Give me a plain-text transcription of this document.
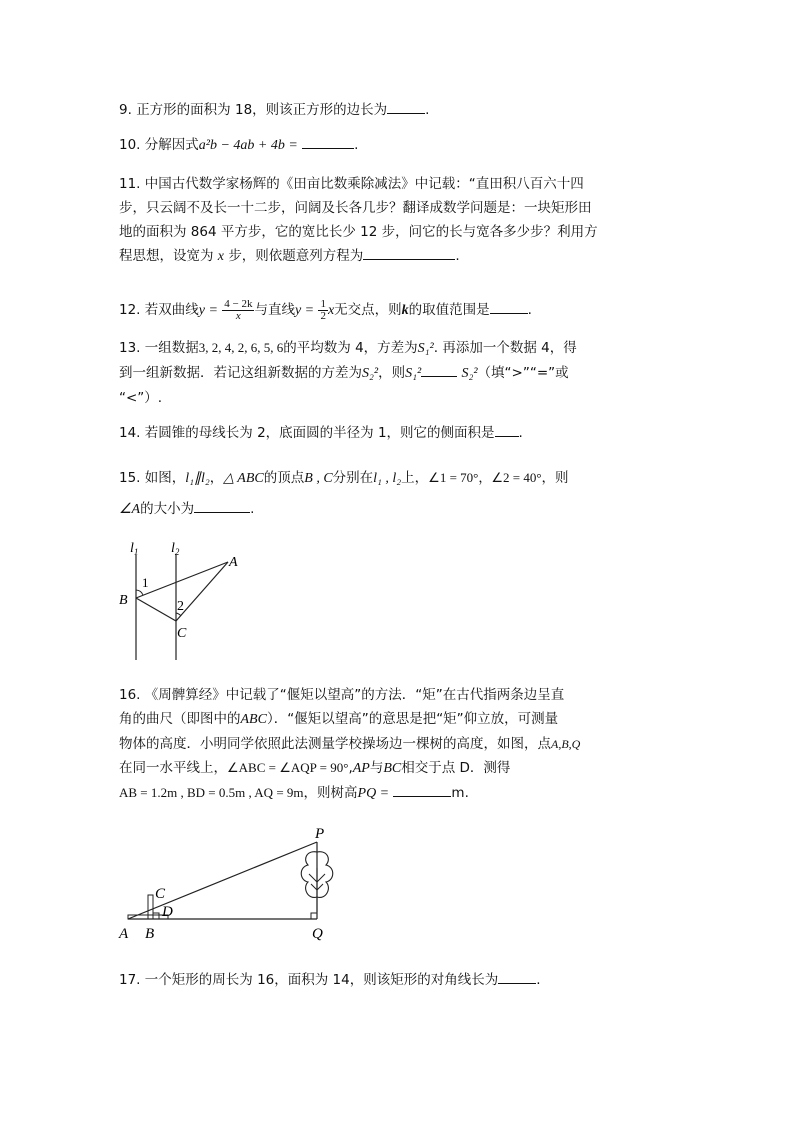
9. 正方形的面积为 18，则该正方形的边长为	.
10. 分解因式a²b − 4ab + 4b =	.
11. 中国古代数学家杨辉的《田亩比数乘除减法》中记载：“直田积八百六十四
步，只云阔不及长一十二步，问阔及长各几步？翻译成数学问题是：一块矩形田
地的面积为 864 平方步，它的宽比长少 12 步，问它的长与宽各多少步？利用方
程思想，设宽为 x 步，则依题意列方程为	.
12. 若双曲线$y = \frac{4 - 2k}{x}$ 与直线$y = \frac{1}{2}$ x无交点，则k的取值范围是	.
13. 一组数据3, 2, 4, 2, 6, 5, 6的平均数为 4，方差为S₁². 再添加一个数据 4，得
到一组新数据．若记这组新数据的方差为S₂²，则S₁²	S₂²（填“>”“=”或
“<”）.
14. 若圆锥的母线长为 2，底面圆的半径为 1，则它的侧面积是 .
15. 如图，l₁∥l₂，△ ABC的顶点B , C分别在l₁ , l₂上，∠1 = 70°，∠2 = 40°，则
∠A的大小为	.
$l_1$ $l_2$
A
B
C
1
2
16. 《周髀算经》中记载了“偃矩以望高”的方法．“矩”在古代指两条边呈直
角的曲尺（即图中的ABC）．“偃矩以望高”的意思是把“矩”仰立放，可测量
物体的高度．小明同学依照此法测量学校操场边一棵树的高度，如图，点A,B,Q
在同一水平线上，∠ABC = ∠AQP = 90°,AP与BC相交于点 D．测得
AB = 1.2m , BD = 0.5m , AQ = 9m，则树高PQ =	m.
P
C
D
A B	Q
17. 一个矩形的周长为 16，面积为 14，则该矩形的对角线长为	.
